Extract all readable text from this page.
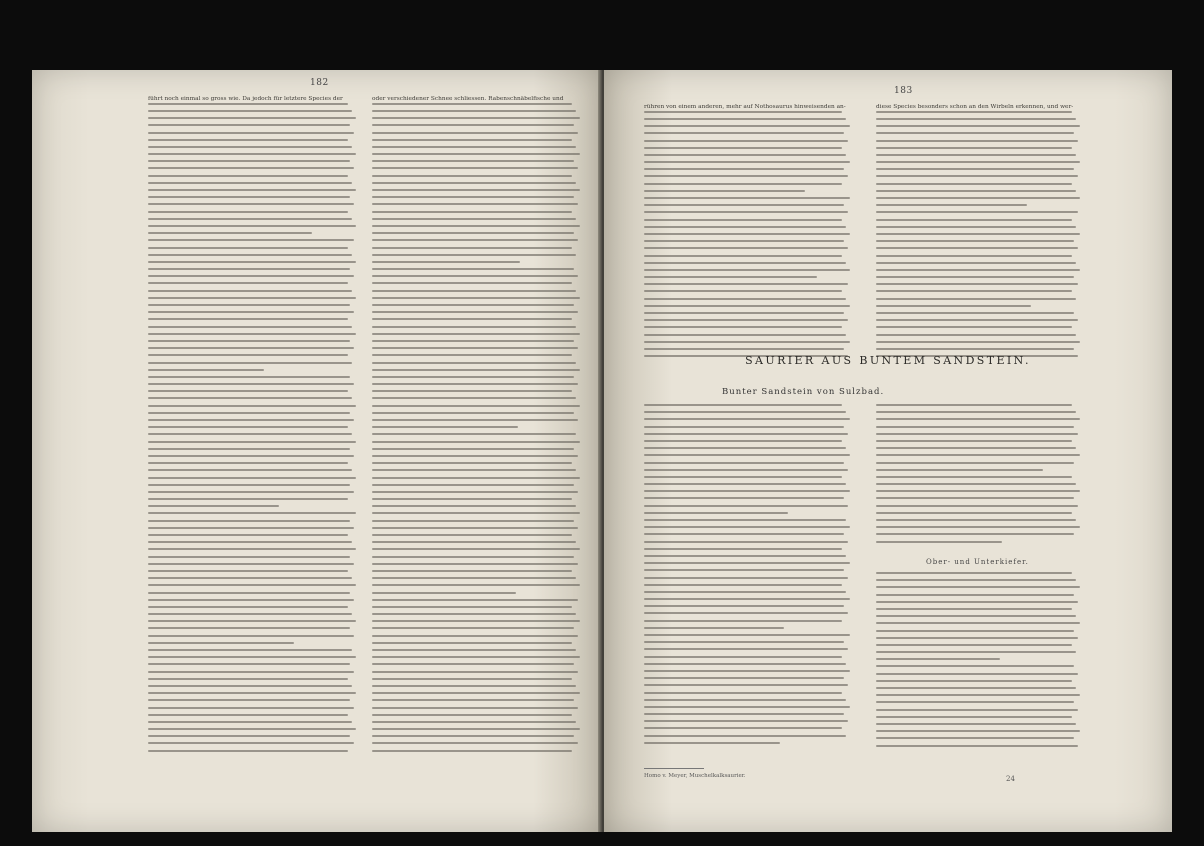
182
führt noch einmal so gross wie. Da jedoch für letztere Species der	oder verschiedener Schnee schliessen. Rabenschnäbelfische und
183
rühren von einem anderen, mehr auf Nothosaurus hinweisenden an-	diese Species besonders schon an den Wirbeln erkennen, und wer-
SAURIER AUS BUNTEM SANDSTEIN.
Bunter Sandstein von Sulzbad.
Ober- und Unterkiefer.
Homo v. Meyer, Muschelkalksaurier.	24
